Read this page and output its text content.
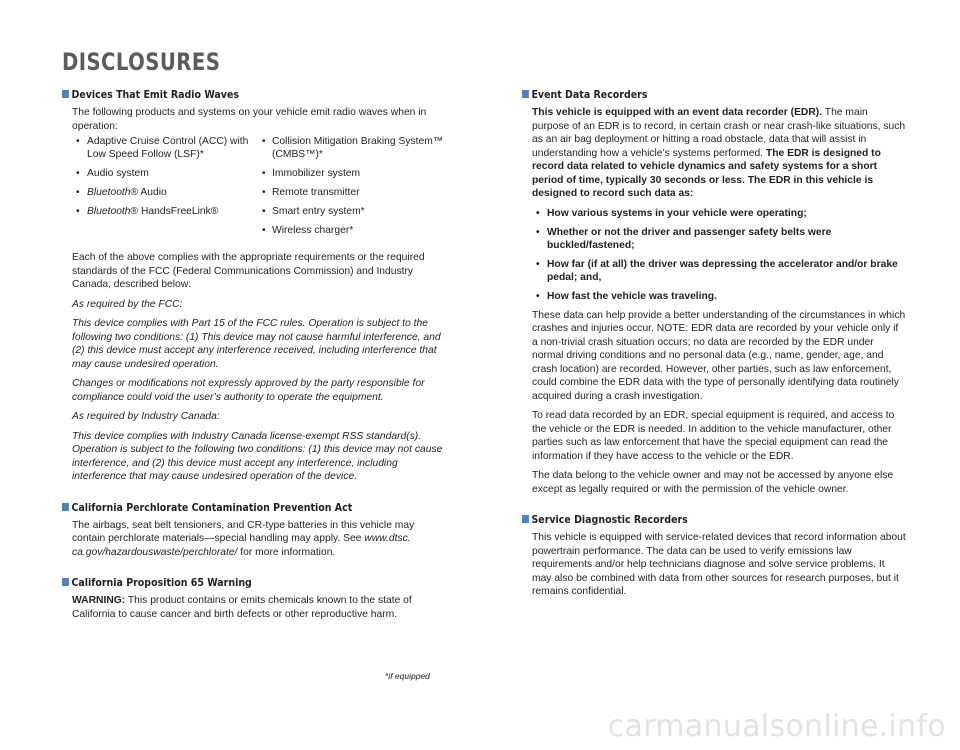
DISCLOSURES
Devices That Emit Radio Waves

The following products and systems on your vehicle emit radio waves when in operation:

• Adaptive Cruise Control (ACC) with Low Speed Follow (LSF)*
• Audio system
• Bluetooth® Audio
• Bluetooth® HandsFreeLink®
• Collision Mitigation Braking System™ (CMBS™)*
• Immobilizer system
• Remote transmitter
• Smart entry system*
• Wireless charger*

Each of the above complies with the appropriate requirements or the required standards of the FCC (Federal Communications Commission) and Industry Canada, described below:

As required by the FCC:

This device complies with Part 15 of the FCC rules. Operation is subject to the following two conditions: (1) This device may not cause harmful interference, and (2) this device must accept any interference received, including interference that may cause undesired operation.

Changes or modifications not expressly approved by the party responsible for compliance could void the user’s authority to operate the equipment.

As required by Industry Canada:

This device complies with Industry Canada license-exempt RSS standard(s). Operation is subject to the following two conditions: (1) this device may not cause interference, and (2) this device must accept any interference, including interference that may cause undesired operation of the device.

California Perchlorate Contamination Prevention Act

The airbags, seat belt tensioners, and CR-type batteries in this vehicle may contain perchlorate materials—special handling may apply. See www.dtsc. ca.gov/hazardouswaste/perchlorate/ for more information.

California Proposition 65 Warning

WARNING: This product contains or emits chemicals known to the state of California to cause cancer and birth defects or other reproductive harm.

Event Data Recorders

This vehicle is equipped with an event data recorder (EDR). The main purpose of an EDR is to record, in certain crash or near crash-like situations, such as an air bag deployment or hitting a road obstacle, data that will assist in understanding how a vehicle’s systems performed. The EDR is designed to record data related to vehicle dynamics and safety systems for a short period of time, typically 30 seconds or less. The EDR in this vehicle is designed to record such data as:

• How various systems in your vehicle were operating;
• Whether or not the driver and passenger safety belts were buckled/fastened;
• How far (if at all) the driver was depressing the accelerator and/or brake pedal; and,
• How fast the vehicle was traveling.

These data can help provide a better understanding of the circumstances in which crashes and injuries occur. NOTE: EDR data are recorded by your vehicle only if a non-trivial crash situation occurs; no data are recorded by the EDR under normal driving conditions and no personal data (e.g., name, gender, age, and crash location) are recorded. However, other parties, such as law enforcement, could combine the EDR data with the type of personally identifying data routinely acquired during a crash investigation.

To read data recorded by an EDR, special equipment is required, and access to the vehicle or the EDR is needed. In addition to the vehicle manufacturer, other parties such as law enforcement that have the special equipment can read the information if they have access to the vehicle or the EDR.

The data belong to the vehicle owner and may not be accessed by anyone else except as legally required or with the permission of the vehicle owner.

Service Diagnostic Recorders

This vehicle is equipped with service-related devices that record information about powertrain performance. The data can be used to verify emissions law requirements and/or help technicians diagnose and solve service problems. It may also be combined with data from other sources for research purposes, but it remains confidential.

*if equipped

carmanualsonline.info
